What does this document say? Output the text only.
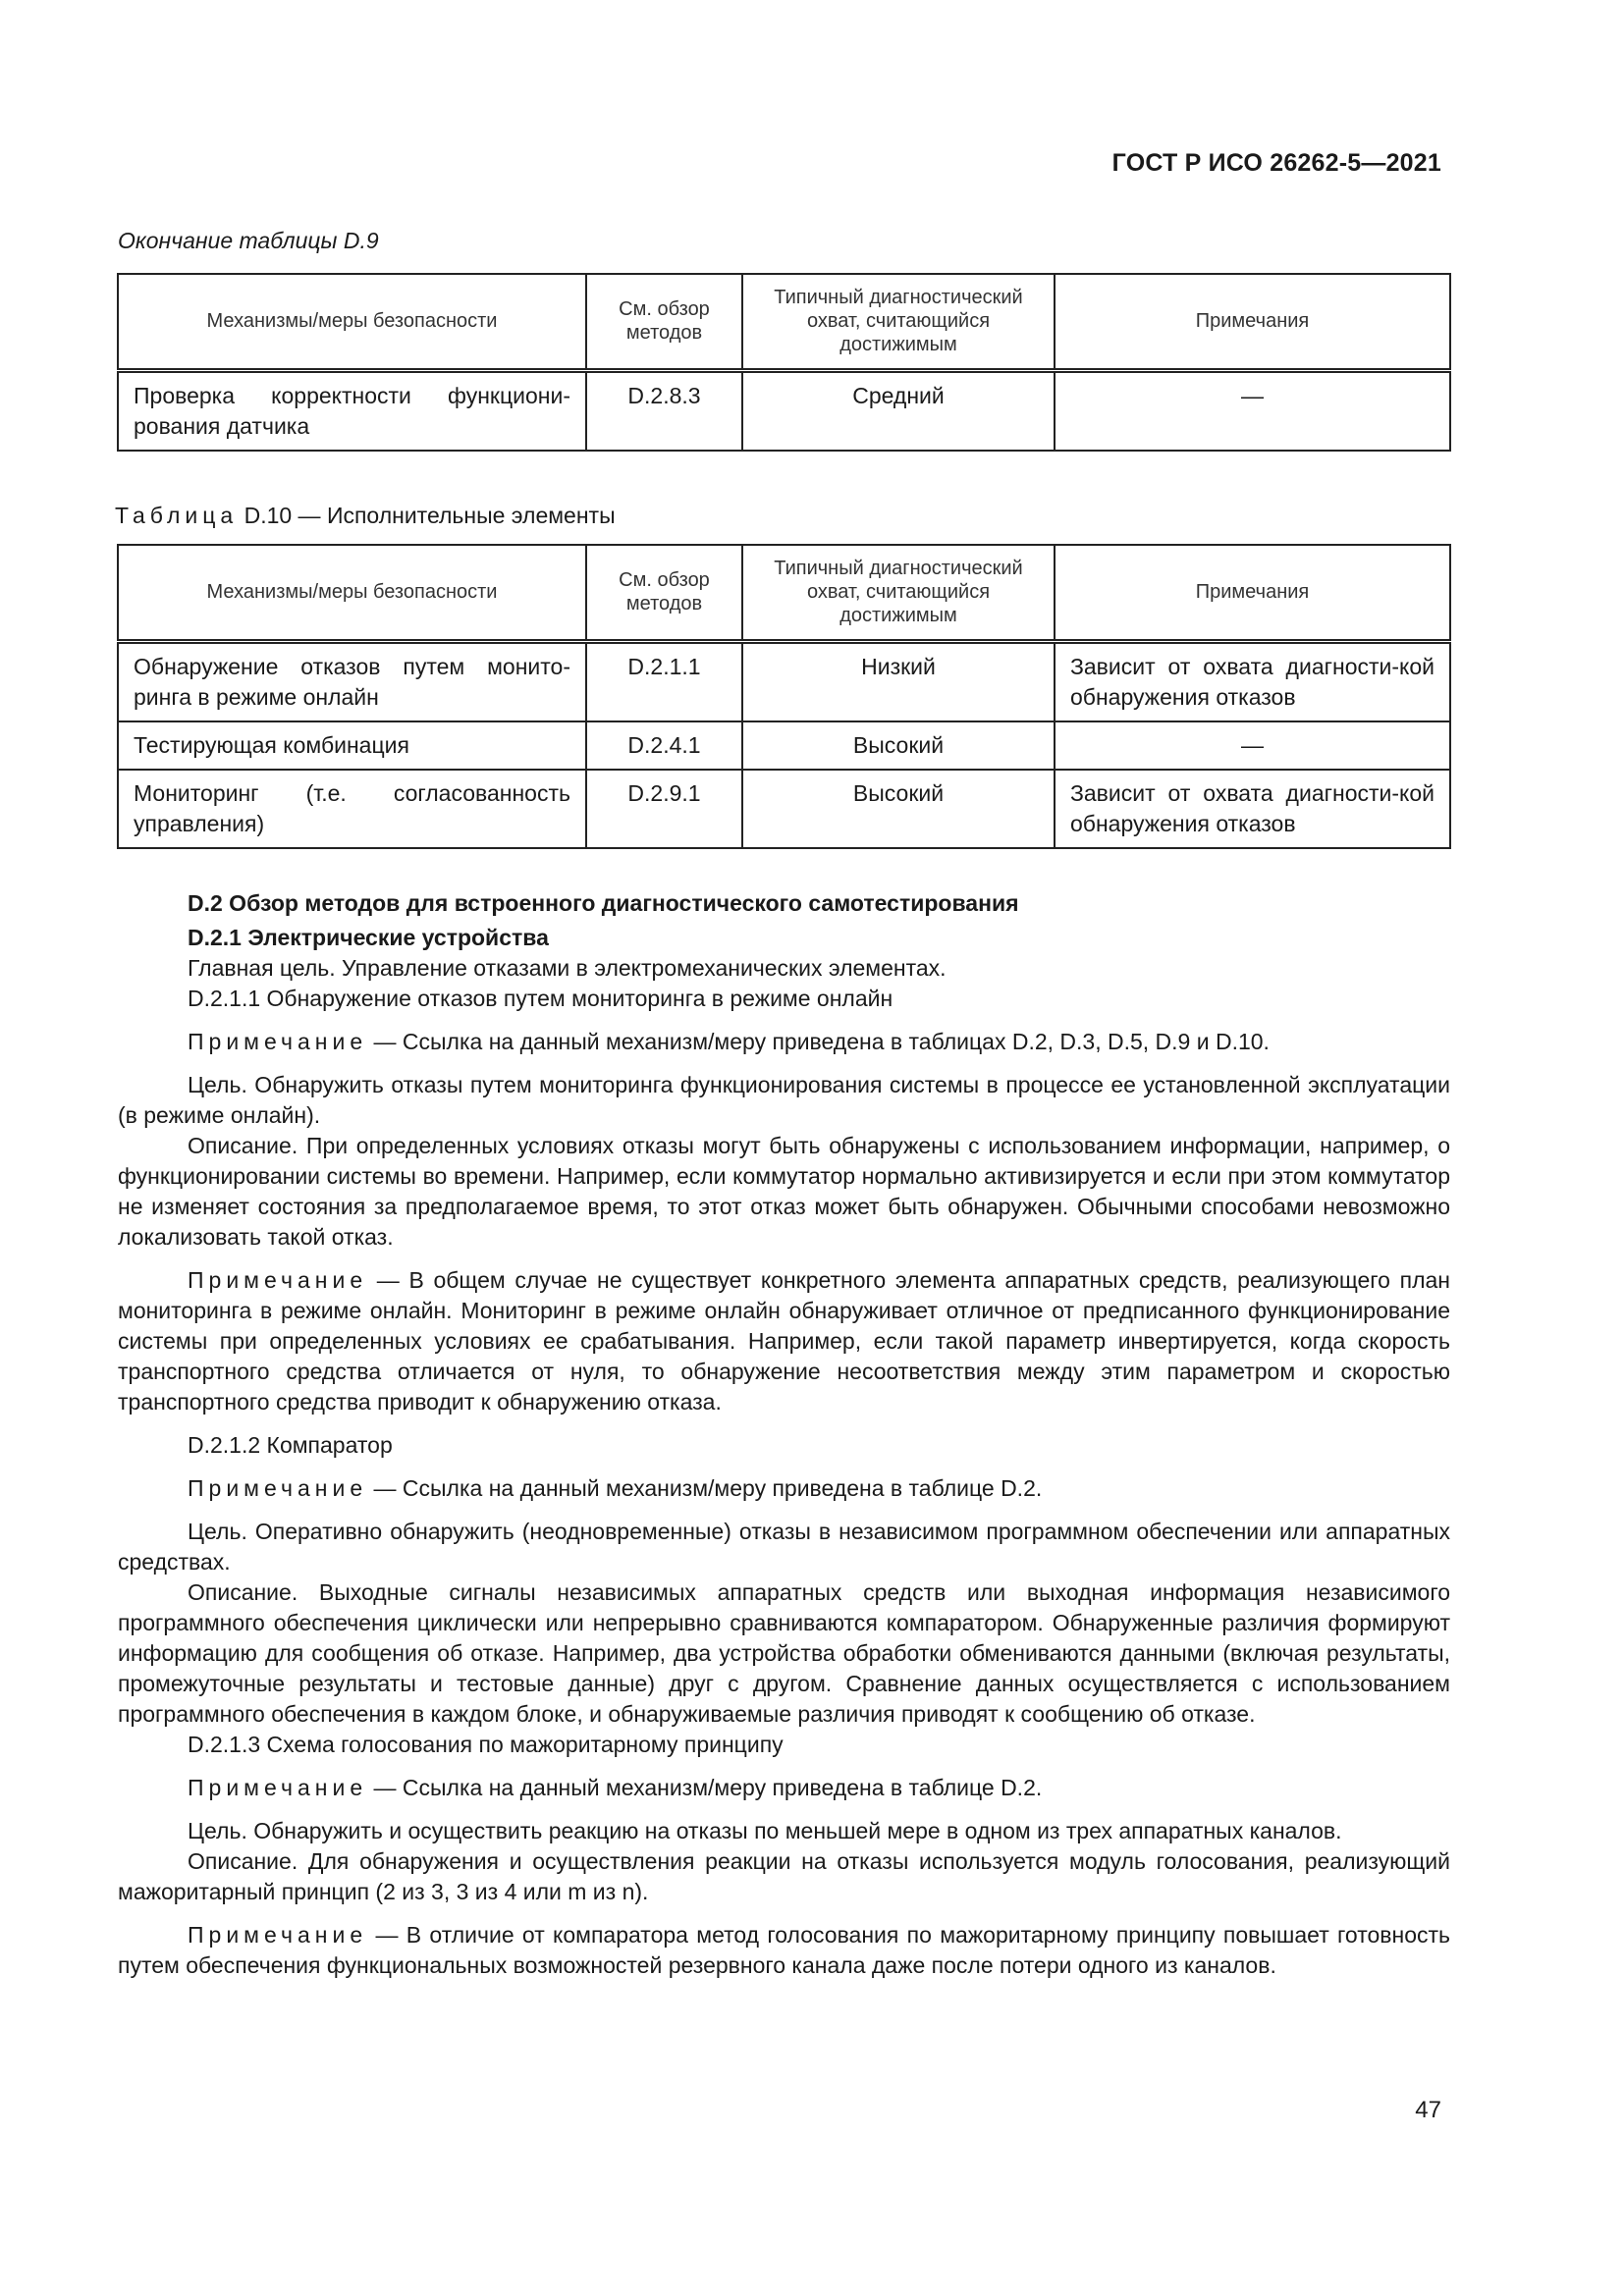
ГОСТ Р ИСО 26262-5—2021
Окончание таблицы D.9
Механизмы/меры безопасности	См. обзор методов	Типичный диагностический охват, считающийся достижимым	Примечания
Проверка корректности функциони-рования датчика	D.2.8.3	Средний	—
Таблица D.10 — Исполнительные элементы
Механизмы/меры безопасности	См. обзор методов	Типичный диагностический охват, считающийся достижимым	Примечания
Обнаружение отказов путем монито-ринга в режиме онлайн	D.2.1.1	Низкий	Зависит от охвата диагности-кой обнаружения отказов
Тестирующая комбинация	D.2.4.1	Высокий	—
Мониторинг (т.е. согласованность управления)	D.2.9.1	Высокий	Зависит от охвата диагности-кой обнаружения отказов

D.2 Обзор методов для встроенного диагностического самотестирования

D.2.1 Электрические устройства

Главная цель. Управление отказами в электромеханических элементах.

D.2.1.1 Обнаружение отказов путем мониторинга в режиме онлайн

Примечание — Ссылка на данный механизм/меру приведена в таблицах D.2, D.3, D.5, D.9 и D.10.

Цель. Обнаружить отказы путем мониторинга функционирования системы в процессе ее установленной эксплуатации (в режиме онлайн).

Описание. При определенных условиях отказы могут быть обнаружены с использованием информации, например, о функционировании системы во времени. Например, если коммутатор нормально активизируется и если при этом коммутатор не изменяет состояния за предполагаемое время, то этот отказ может быть обнаружен. Обычными способами невозможно локализовать такой отказ.

Примечание — В общем случае не существует конкретного элемента аппаратных средств, реализующего план мониторинга в режиме онлайн. Мониторинг в режиме онлайн обнаруживает отличное от предписанного функционирование системы при определенных условиях ее срабатывания. Например, если такой параметр инвертируется, когда скорость транспортного средства отличается от нуля, то обнаружение несоответствия между этим параметром и скоростью транспортного средства приводит к обнаружению отказа.

D.2.1.2 Компаратор

Примечание — Ссылка на данный механизм/меру приведена в таблице D.2.

Цель. Оперативно обнаружить (неодновременные) отказы в независимом программном обеспечении или аппаратных средствах.

Описание. Выходные сигналы независимых аппаратных средств или выходная информация независимого программного обеспечения циклически или непрерывно сравниваются компаратором. Обнаруженные различия формируют информацию для сообщения об отказе. Например, два устройства обработки обмениваются данными (включая результаты, промежуточные результаты и тестовые данные) друг с другом. Сравнение данных осуществляется с использованием программного обеспечения в каждом блоке, и обнаруживаемые различия приводят к сообщению об отказе.

D.2.1.3 Схема голосования по мажоритарному принципу

Примечание — Ссылка на данный механизм/меру приведена в таблице D.2.

Цель. Обнаружить и осуществить реакцию на отказы по меньшей мере в одном из трех аппаратных каналов.

Описание. Для обнаружения и осуществления реакции на отказы используется модуль голосования, реализующий мажоритарный принцип (2 из 3, 3 из 4 или m из n).

Примечание — В отличие от компаратора метод голосования по мажоритарному принципу повышает готовность путем обеспечения функциональных возможностей резервного канала даже после потери одного из каналов.

47
